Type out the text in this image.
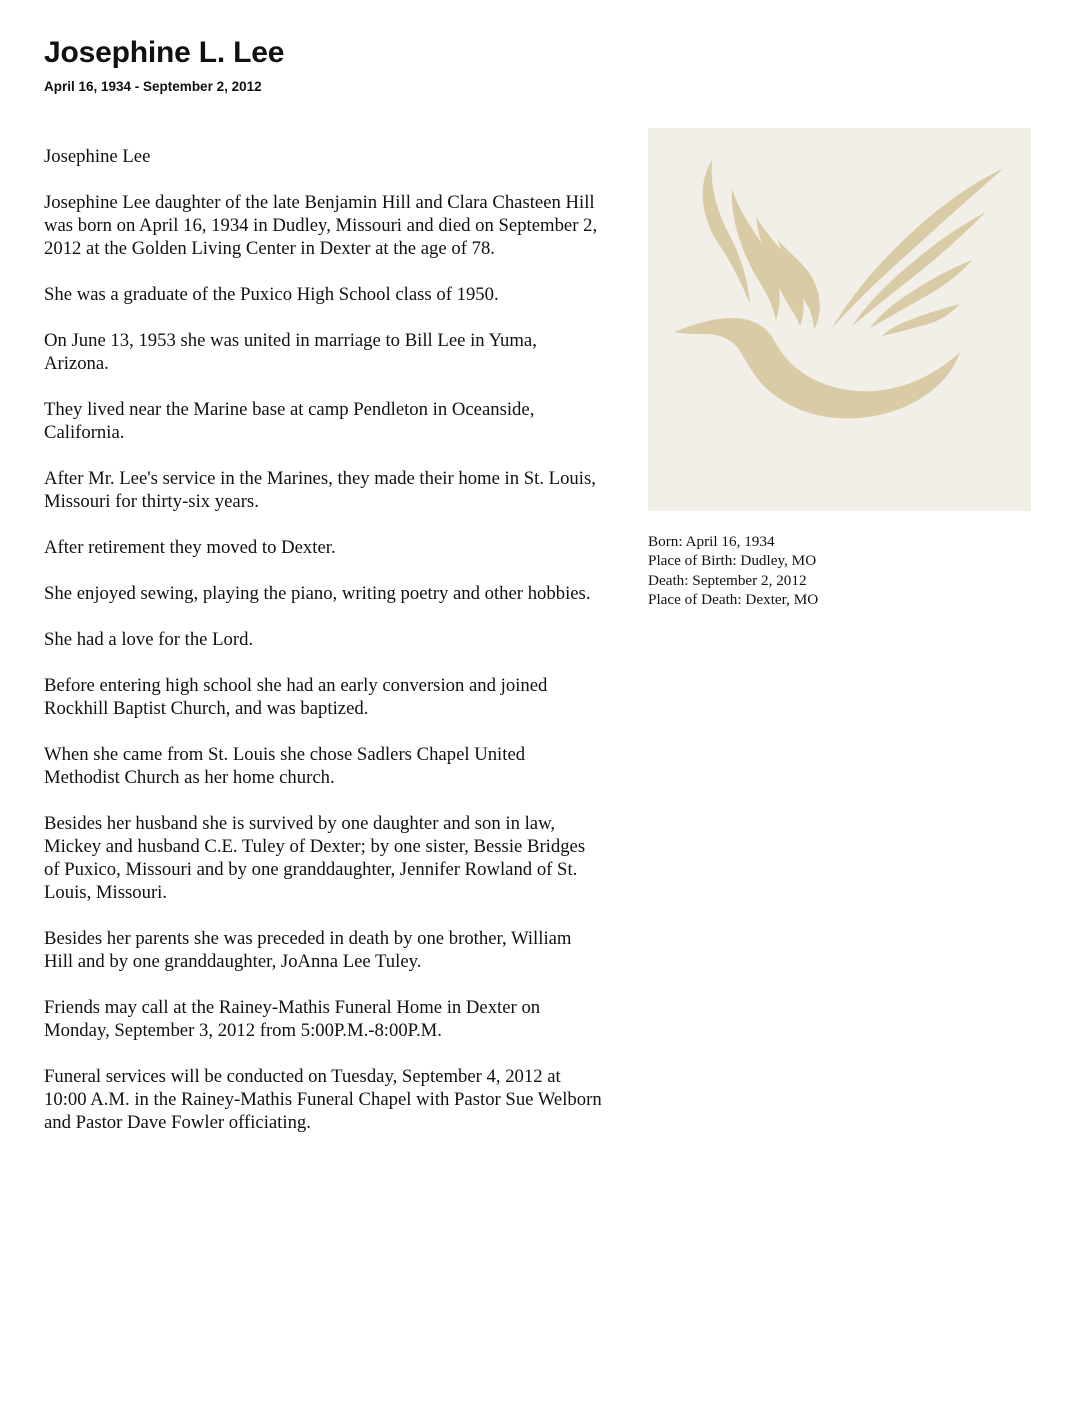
Josephine L. Lee
April 16, 1934 - September 2, 2012

Josephine Lee

Josephine Lee daughter of the late Benjamin Hill and Clara Chasteen Hill was born on April 16, 1934 in Dudley, Missouri and died on September 2, 2012 at the Golden Living Center in Dexter at the age of 78.

She was a graduate of the Puxico High School class of 1950.

On June 13, 1953 she was united in marriage to Bill Lee in Yuma, Arizona.

They lived near the Marine base at camp Pendleton in Oceanside, California.

After Mr. Lee's service in the Marines, they made their home in St. Louis, Missouri for thirty-six years.

After retirement they moved to Dexter.

She enjoyed sewing, playing the piano, writing poetry and other hobbies.

She had a love for the Lord.

Before entering high school she had an early conversion and joined Rockhill Baptist Church, and was baptized.

When she came from St. Louis she chose Sadlers Chapel United Methodist Church as her home church.

Besides her husband she is survived by one daughter and son in law, Mickey and husband C.E. Tuley of Dexter; by one sister, Bessie Bridges of Puxico, Missouri and by one granddaughter, Jennifer Rowland of St. Louis, Missouri.

Besides her parents she was preceded in death by one brother, William Hill and by one granddaughter, JoAnna Lee Tuley.

Friends may call at the Rainey-Mathis Funeral Home in Dexter on Monday, September 3, 2012 from 5:00P.M.-8:00P.M.

Funeral services will be conducted on Tuesday, September 4, 2012 at 10:00 A.M. in the Rainey-Mathis Funeral Chapel with Pastor Sue Welborn and Pastor Dave Fowler officiating.

Born: April 16, 1934
Place of Birth: Dudley, MO
Death: September 2, 2012
Place of Death: Dexter, MO
